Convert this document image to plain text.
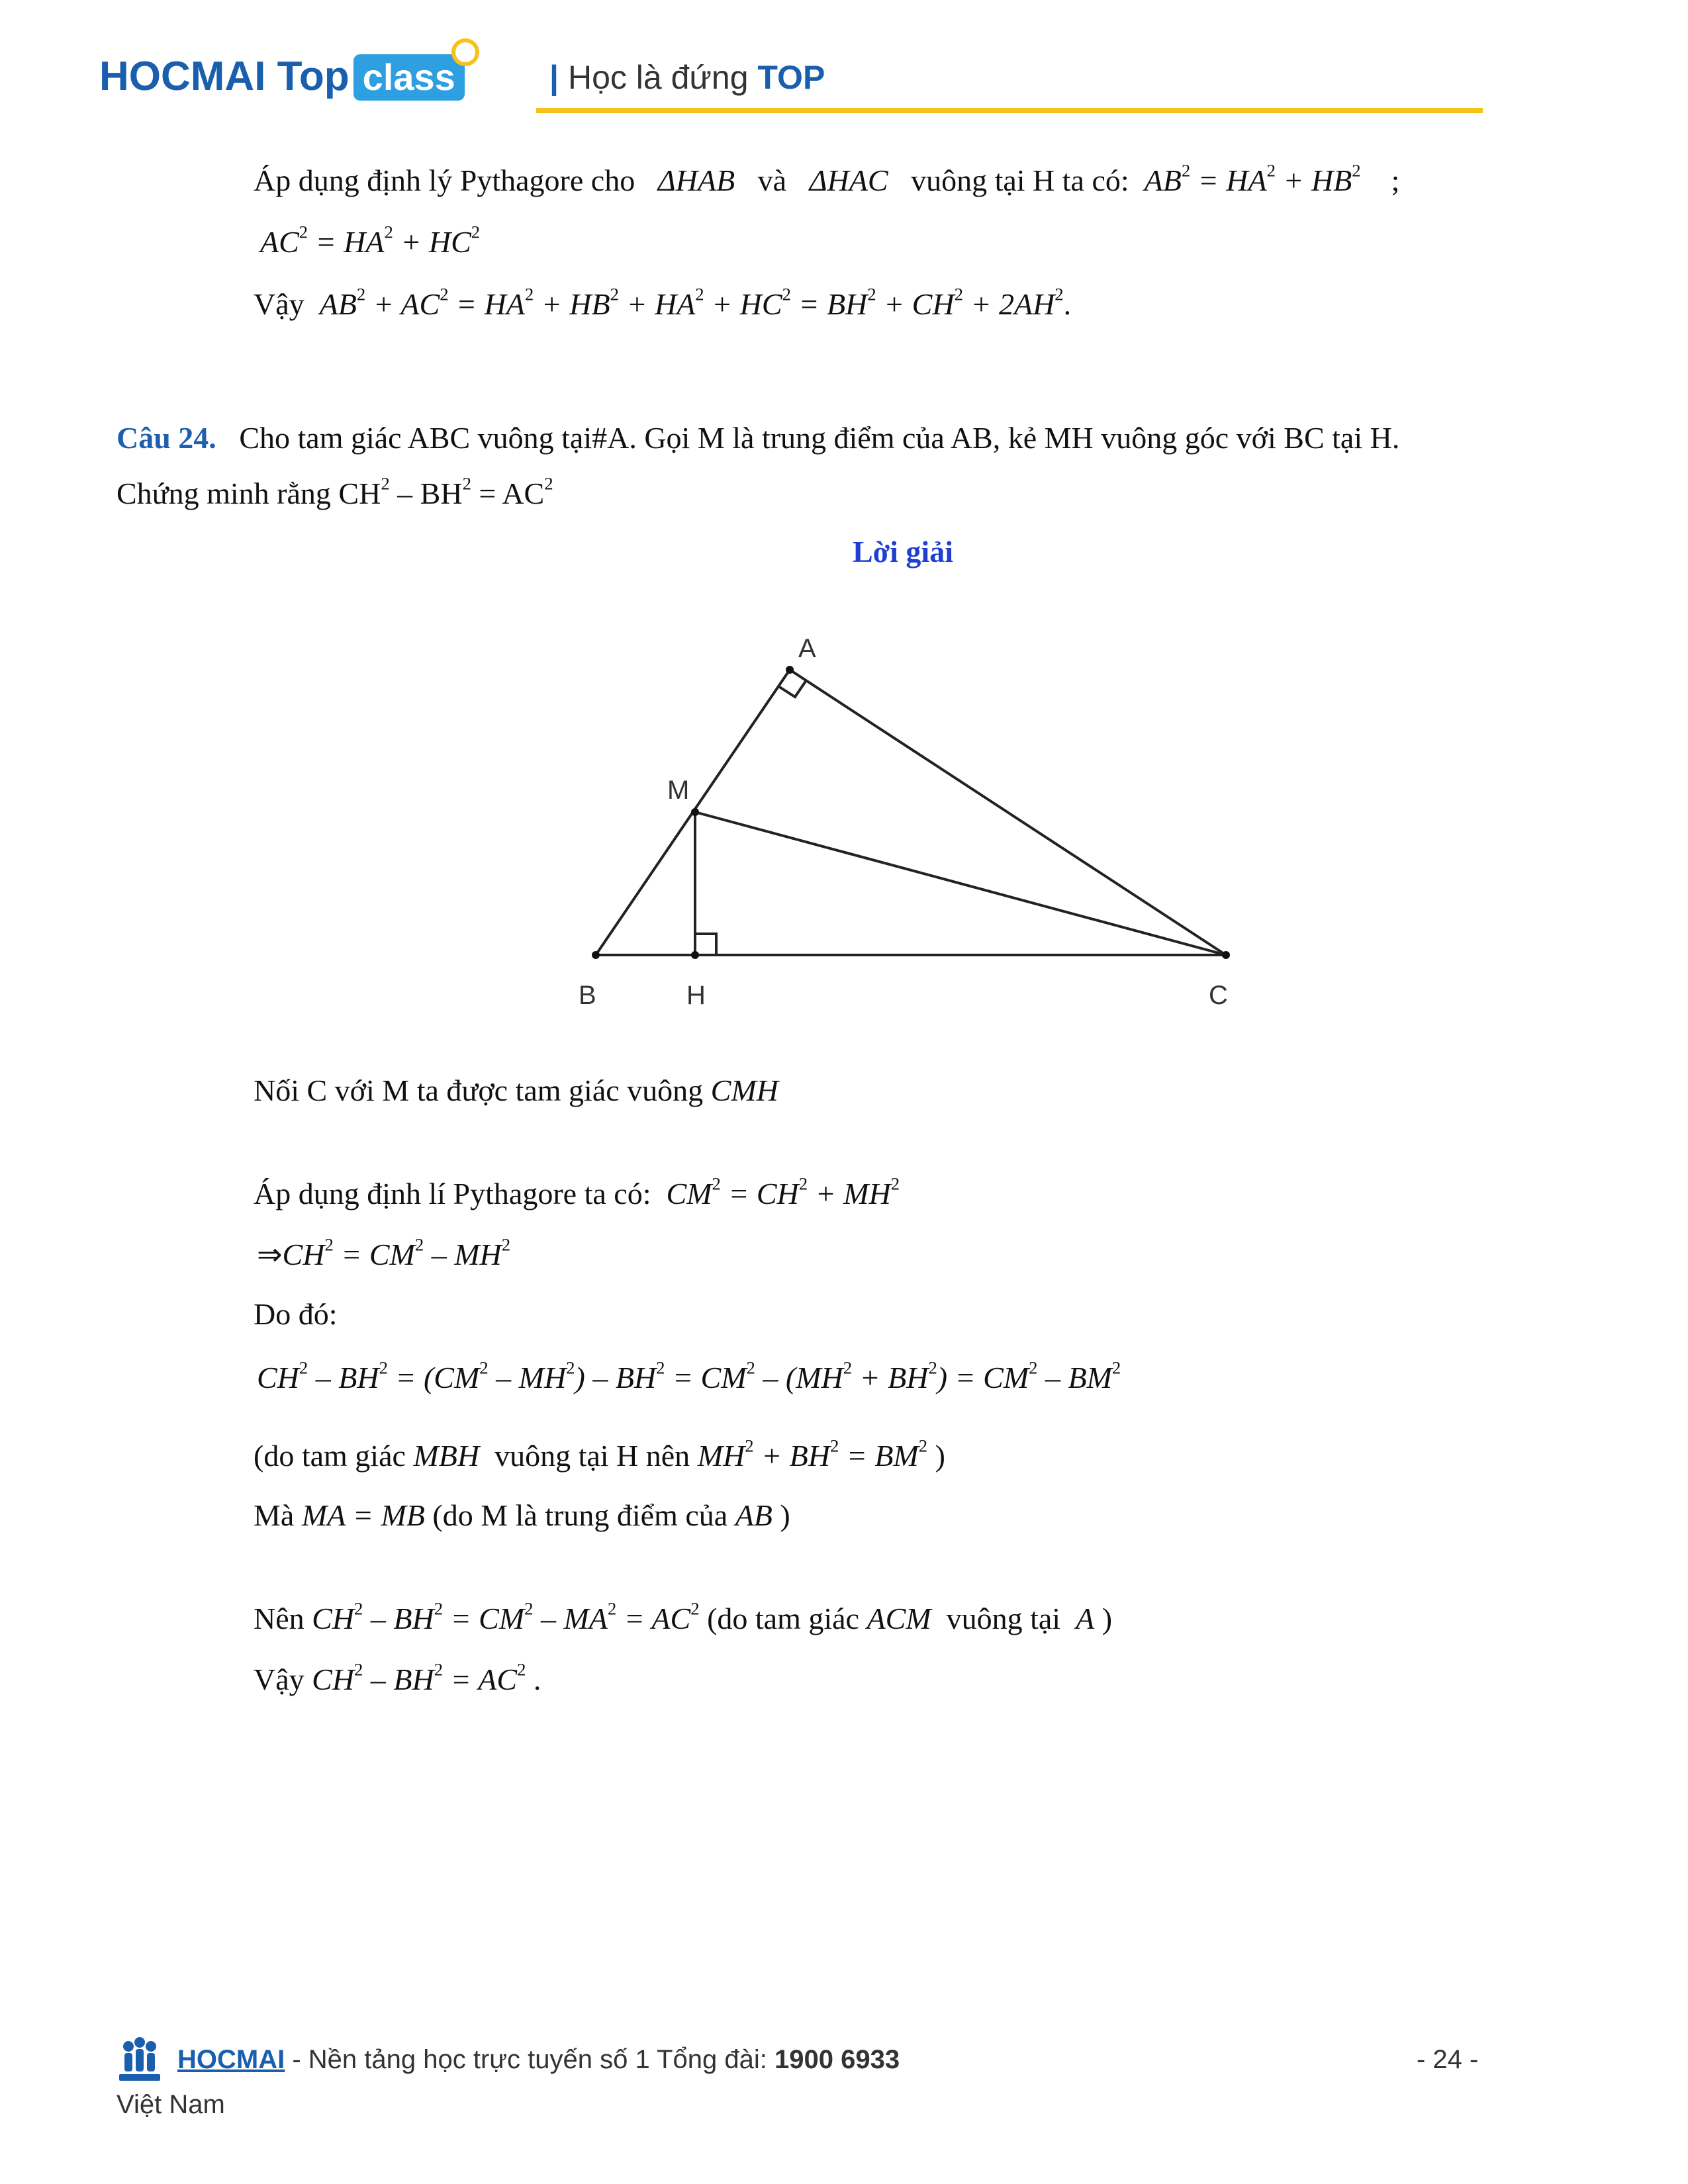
HOCMAI Top class	| Học là đứng TOP
Áp dụng định lý Pythagore cho ΔHAB và ΔHAC vuông tại H ta có: $AB^2 = HA^2 + HB^2$    ;
$AC^2 = HA^2 + HC^2$
Vậy $AB^2 + AC^2 = HA^2 + HB^2 + HA^2 + HC^2 = BH^2 + CH^2 + 2AH^2$.
Câu 24. Cho tam giác ABC vuông tại#A. Gọi M là trung điểm của AB, kẻ MH vuông góc với BC tại H.
Chứng minh rằng $CH^2 - BH^2 = AC^2$
Lời giải
A
M
B	H	C
Nối C với M ta được tam giác vuông CMH
Áp dụng định lí Pythagore ta có: $CM^2 = CH^2 + MH^2$
$\Rightarrow CH^2 = CM^2 - MH^2$
Do đó:
$CH^2 - BH^2 = (CM^2 - MH^2) - BH^2 = CM^2 - (MH^2 + BH^2) = CM^2 - BM^2$
(do tam giác MBH vuông tại H nên $MH^2 + BH^2 = BM^2$ )
Mà MA = MB (do M là trung điểm của AB )
Nên $CH^2 - BH^2 = CM^2 - MA^2 = AC^2$ (do tam giác ACM vuông tại A )
Vậy $CH^2 - BH^2 = AC^2$ .
HOCMAI - Nền tảng học trực tuyến số 1 Tổng đài: 1900 6933	- 24 -
Việt Nam
